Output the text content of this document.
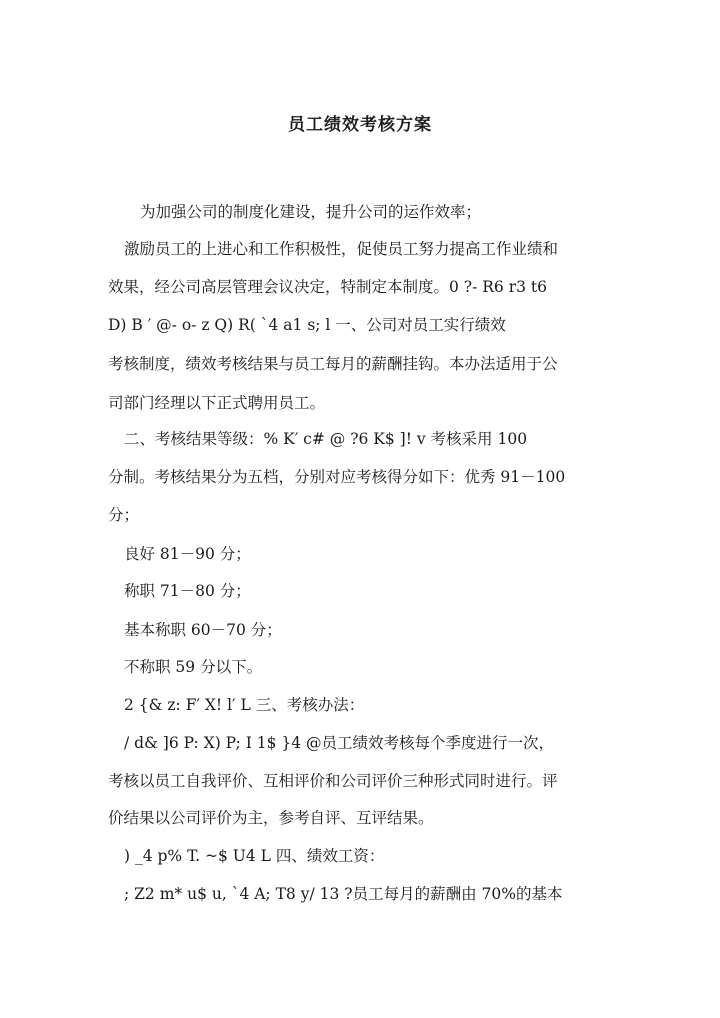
员工绩效考核方案
为加强公司的制度化建设，提升公司的运作效率；
激励员工的上进心和工作积极性，促使员工努力提高工作业绩和
效果，经公司高层管理会议决定，特制定本制度。0 ?- R6 r3 t6
D) B ′ @- o- z Q) R( `4 a1 s; l 一、公司对员工实行绩效
考核制度，绩效考核结果与员工每月的薪酬挂钩。本办法适用于公
司部门经理以下正式聘用员工。
二、考核结果等级：% K′ c# @ ?6 K$ ]! v 考核采用 100
分制。考核结果分为五档，分别对应考核得分如下：优秀 91－100
分；
良好 81－90 分；
称职 71－80 分；
基本称职 60－70 分；
不称职 59 分以下。
2 {& z: F′ X! l′ L 三、考核办法：
/ d& ]6 P: X) P; I 1$ }4 @员工绩效考核每个季度进行一次，
考核以员工自我评价、互相评价和公司评价三种形式同时进行。评
价结果以公司评价为主，参考自评、互评结果。
) _4 p% T. ~$ U4 L 四、绩效工资：
; Z2 m* u$ u, `4 A; T8 y/ 13 ?员工每月的薪酬由 70%的基本
